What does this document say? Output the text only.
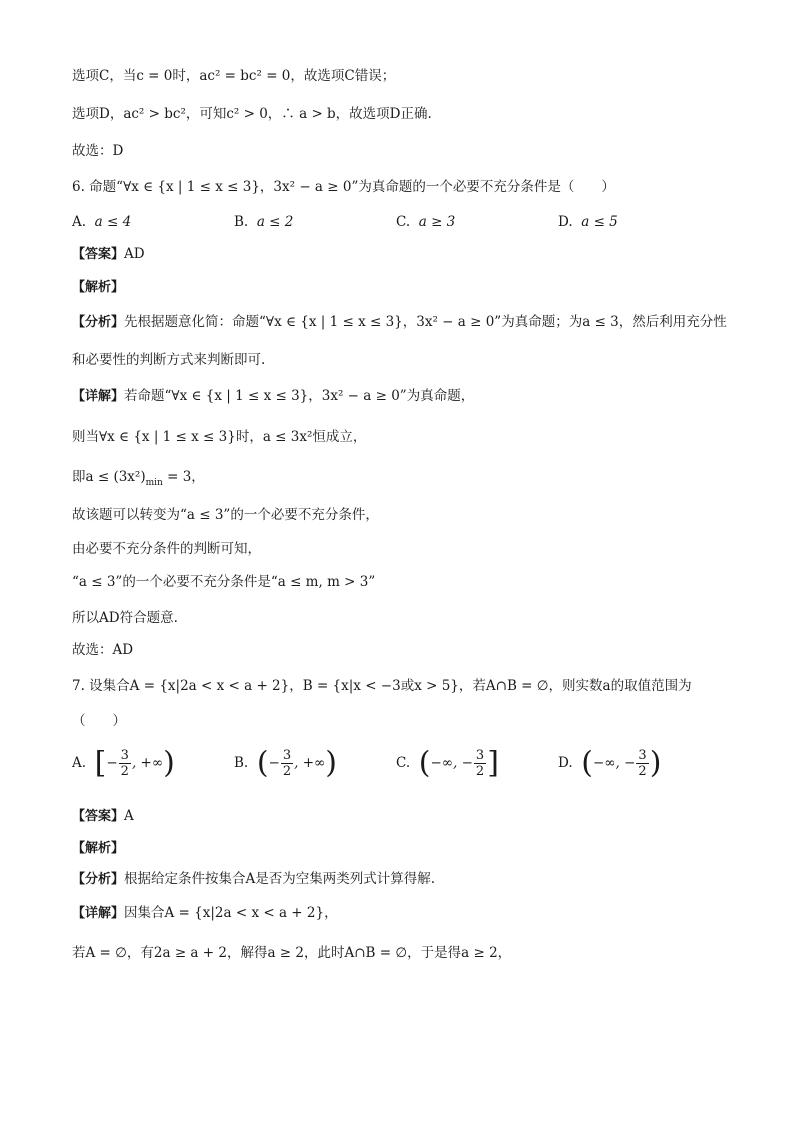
选项C，当c = 0时，ac² = bc² = 0，故选项C错误；
选项D，ac² > bc²，可知c² > 0，∴ a > b，故选项D正确.
故选：D
6. 命题“∀x ∈ {x | 1 ≤ x ≤ 3}，3x² − a ≥ 0”为真命题的一个必要不充分条件是（　　）
A. a ≤ 4	B. a ≤ 2	C. a ≥ 3	D. a ≤ 5
【答案】AD
【解析】
【分析】先根据题意化简：命题“∀x ∈ {x | 1 ≤ x ≤ 3}，3x² − a ≥ 0”为真命题；为a ≤ 3，然后利用充分性
和必要性的判断方式来判断即可.
【详解】若命题“∀x ∈ {x | 1 ≤ x ≤ 3}，3x² − a ≥ 0”为真命题，
则当∀x ∈ {x | 1 ≤ x ≤ 3}时，a ≤ 3x²恒成立，
即$a \le (3x^2)_{min} = 3$，
故该题可以转变为“a ≤ 3”的一个必要不充分条件，
由必要不充分条件的判断可知，
“a ≤ 3”的一个必要不充分条件是“a ≤ m, m > 3”
所以AD符合题意.
故选：AD
7. 设集合A = {x|2a < x < a + 2}，B = {x|x < −3或x > 5}，若A∩B = ∅，则实数a的取值范围为
（　　）
A. [− $\frac{3}{2}$ , +∞)	B. (− $\frac{3}{2}$ , +∞)	C. (−∞, − $\frac{3}{2}$ ]	D. (−∞, − $\frac{3}{2}$ )
【答案】A
【解析】
【分析】根据给定条件按集合A是否为空集两类列式计算得解.
【详解】因集合A = {x|2a < x < a + 2}，
若A = ∅，有2a ≥ a + 2，解得a ≥ 2，此时A∩B = ∅，于是得a ≥ 2，
